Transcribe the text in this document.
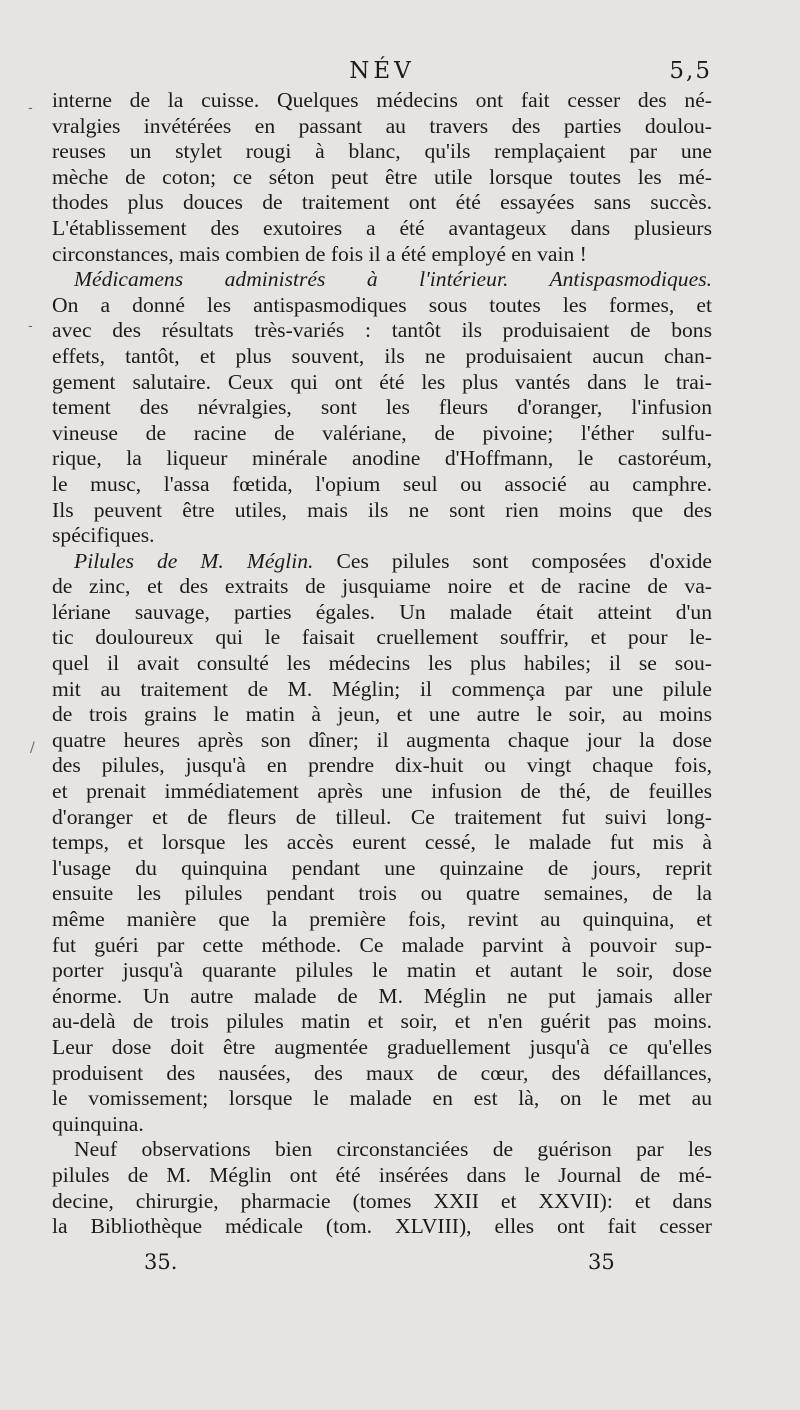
-
-
/
NÉV	5,5
interne de la cuisse. Quelques médecins ont fait cesser des né-
vralgies invétérées en passant au travers des parties doulou-
reuses un stylet rougi à blanc, qu'ils remplaçaient par une
mèche de coton; ce séton peut être utile lorsque toutes les mé-
thodes plus douces de traitement ont été essayées sans succès.
L'établissement des exutoires a été avantageux dans plusieurs
circonstances, mais combien de fois il a été employé en vain !
Médicamens administrés à l'intérieur. Antispasmodiques.
On a donné les antispasmodiques sous toutes les formes, et
avec des résultats très-variés : tantôt ils produisaient de bons
effets, tantôt, et plus souvent, ils ne produisaient aucun chan-
gement salutaire. Ceux qui ont été les plus vantés dans le trai-
tement des névralgies, sont les fleurs d'oranger, l'infusion
vineuse de racine de valériane, de pivoine; l'éther sulfu-
rique, la liqueur minérale anodine d'Hoffmann, le castoréum,
le musc, l'assa fœtida, l'opium seul ou associé au camphre.
Ils peuvent être utiles, mais ils ne sont rien moins que des
spécifiques.
Pilules de M. Méglin. Ces pilules sont composées d'oxide
de zinc, et des extraits de jusquiame noire et de racine de va-
lériane sauvage, parties égales. Un malade était atteint d'un
tic douloureux qui le faisait cruellement souffrir, et pour le-
quel il avait consulté les médecins les plus habiles; il se sou-
mit au traitement de M. Méglin; il commença par une pilule
de trois grains le matin à jeun, et une autre le soir, au moins
quatre heures après son dîner; il augmenta chaque jour la dose
des pilules, jusqu'à en prendre dix-huit ou vingt chaque fois,
et prenait immédiatement après une infusion de thé, de feuilles
d'oranger et de fleurs de tilleul. Ce traitement fut suivi long-
temps, et lorsque les accès eurent cessé, le malade fut mis à
l'usage du quinquina pendant une quinzaine de jours, reprit
ensuite les pilules pendant trois ou quatre semaines, de la
même manière que la première fois, revint au quinquina, et
fut guéri par cette méthode. Ce malade parvint à pouvoir sup-
porter jusqu'à quarante pilules le matin et autant le soir, dose
énorme. Un autre malade de M. Méglin ne put jamais aller
au-delà de trois pilules matin et soir, et n'en guérit pas moins.
Leur dose doit être augmentée graduellement jusqu'à ce qu'elles
produisent des nausées, des maux de cœur, des défaillances,
le vomissement; lorsque le malade en est là, on le met au
quinquina.
Neuf observations bien circonstanciées de guérison par les
pilules de M. Méglin ont été insérées dans le Journal de mé-
decine, chirurgie, pharmacie (tomes XXII et XXVII): et dans
la Bibliothèque médicale (tom. XLVIII), elles ont fait cesser
35.	35
